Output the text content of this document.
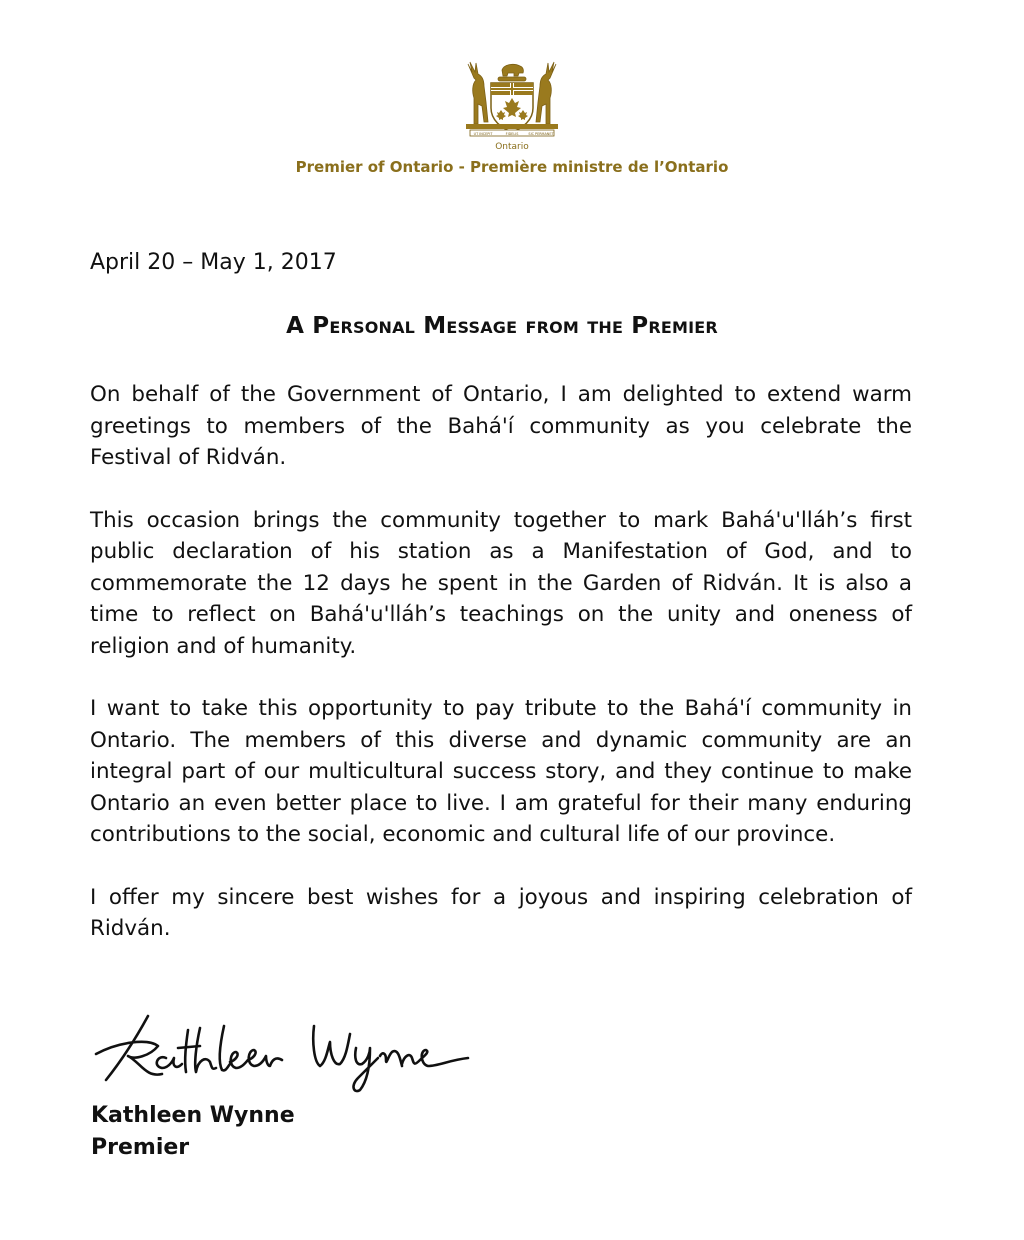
UT INCEPIT	FIDELIS	SIC PERMANET
Ontario
Premier of Ontario - Première ministre de l’Ontario
April 20 – May 1, 2017
A Personal Message from the Premier

On behalf of the Government of Ontario, I am delighted to extend warm greetings to members of the Bahá'í community as you celebrate the Festival of Ridván.

This occasion brings the community together to mark Bahá'u'lláh’s first public declaration of his station as a Manifestation of God, and to commemorate the 12 days he spent in the Garden of Ridván. It is also a time to reflect on Bahá'u'lláh’s teachings on the unity and oneness of religion and of humanity.

I want to take this opportunity to pay tribute to the Bahá'í community in Ontario. The members of this diverse and dynamic community are an integral part of our multicultural success story, and they continue to make Ontario an even better place to live. I am grateful for their many enduring contributions to the social, economic and cultural life of our province.

I offer my sincere best wishes for a joyous and inspiring celebration of Ridván.

Kathleen Wynne
Premier
